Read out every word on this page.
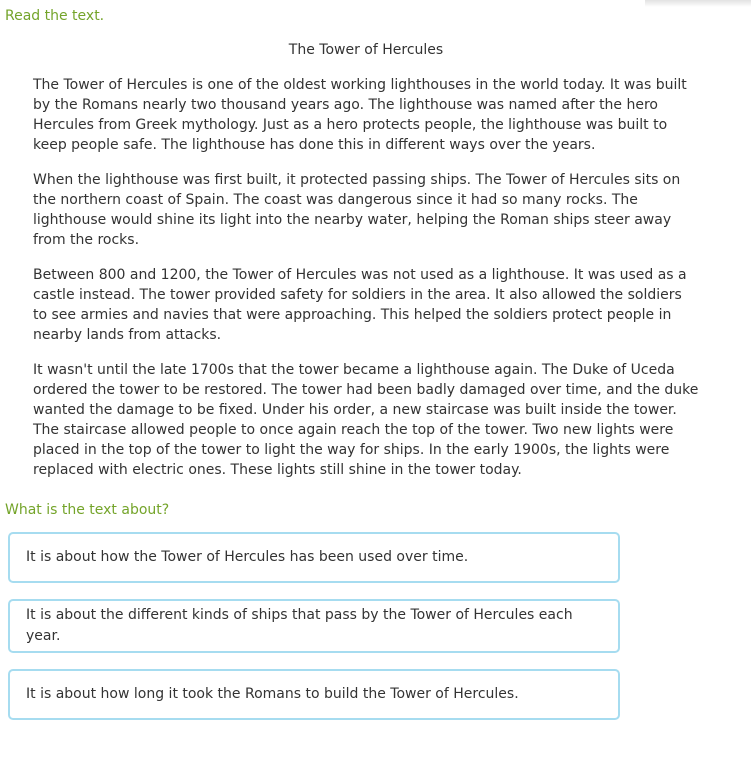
Read the text.
The Tower of Hercules

The Tower of Hercules is one of the oldest working lighthouses in the world today. It was built by the Romans nearly two thousand years ago. The lighthouse was named after the hero Hercules from Greek mythology. Just as a hero protects people, the lighthouse was built to keep people safe. The lighthouse has done this in different ways over the years.

When the lighthouse was first built, it protected passing ships. The Tower of Hercules sits on the northern coast of Spain. The coast was dangerous since it had so many rocks. The lighthouse would shine its light into the nearby water, helping the Roman ships steer away from the rocks.

Between 800 and 1200, the Tower of Hercules was not used as a lighthouse. It was used as a castle instead. The tower provided safety for soldiers in the area. It also allowed the soldiers to see armies and navies that were approaching. This helped the soldiers protect people in nearby lands from attacks.

It wasn't until the late 1700s that the tower became a lighthouse again. The Duke of Uceda ordered the tower to be restored. The tower had been badly damaged over time, and the duke wanted the damage to be fixed. Under his order, a new staircase was built inside the tower. The staircase allowed people to once again reach the top of the tower. Two new lights were placed in the top of the tower to light the way for ships. In the early 1900s, the lights were replaced with electric ones. These lights still shine in the tower today.

What is the text about?
It is about how the Tower of Hercules has been used over time.
It is about the different kinds of ships that pass by the Tower of Hercules each year.
It is about how long it took the Romans to build the Tower of Hercules.
